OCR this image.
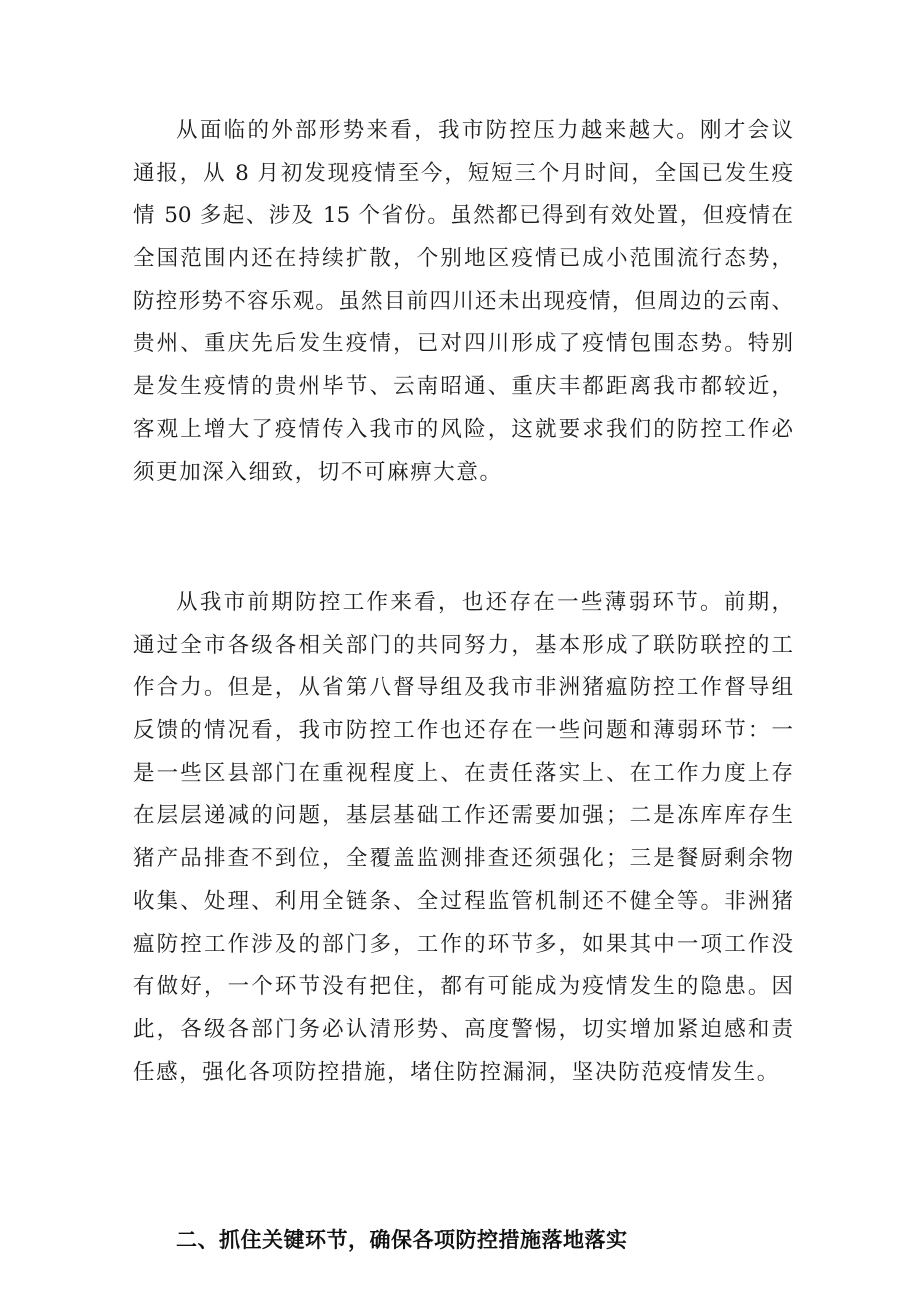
从面临的外部形势来看，我市防控压力越来越大。刚才会议
通报，从 8 月初发现疫情至今，短短三个月时间，全国已发生疫
情 50 多起、涉及 15 个省份。虽然都已得到有效处置，但疫情在
全国范围内还在持续扩散，个别地区疫情已成小范围流行态势，
防控形势不容乐观。虽然目前四川还未出现疫情，但周边的云南、
贵州、重庆先后发生疫情，已对四川形成了疫情包围态势。特别
是发生疫情的贵州毕节、云南昭通、重庆丰都距离我市都较近，
客观上增大了疫情传入我市的风险，这就要求我们的防控工作必
须更加深入细致，切不可麻痹大意。
从我市前期防控工作来看，也还存在一些薄弱环节。前期，
通过全市各级各相关部门的共同努力，基本形成了联防联控的工
作合力。但是，从省第八督导组及我市非洲猪瘟防控工作督导组
反馈的情况看，我市防控工作也还存在一些问题和薄弱环节：一
是一些区县部门在重视程度上、在责任落实上、在工作力度上存
在层层递减的问题，基层基础工作还需要加强；二是冻库库存生
猪产品排查不到位，全覆盖监测排查还须强化；三是餐厨剩余物
收集、处理、利用全链条、全过程监管机制还不健全等。非洲猪
瘟防控工作涉及的部门多，工作的环节多，如果其中一项工作没
有做好，一个环节没有把住，都有可能成为疫情发生的隐患。因
此，各级各部门务必认清形势、高度警惕，切实增加紧迫感和责
任感，强化各项防控措施，堵住防控漏洞，坚决防范疫情发生。
二、抓住关键环节，确保各项防控措施落地落实
